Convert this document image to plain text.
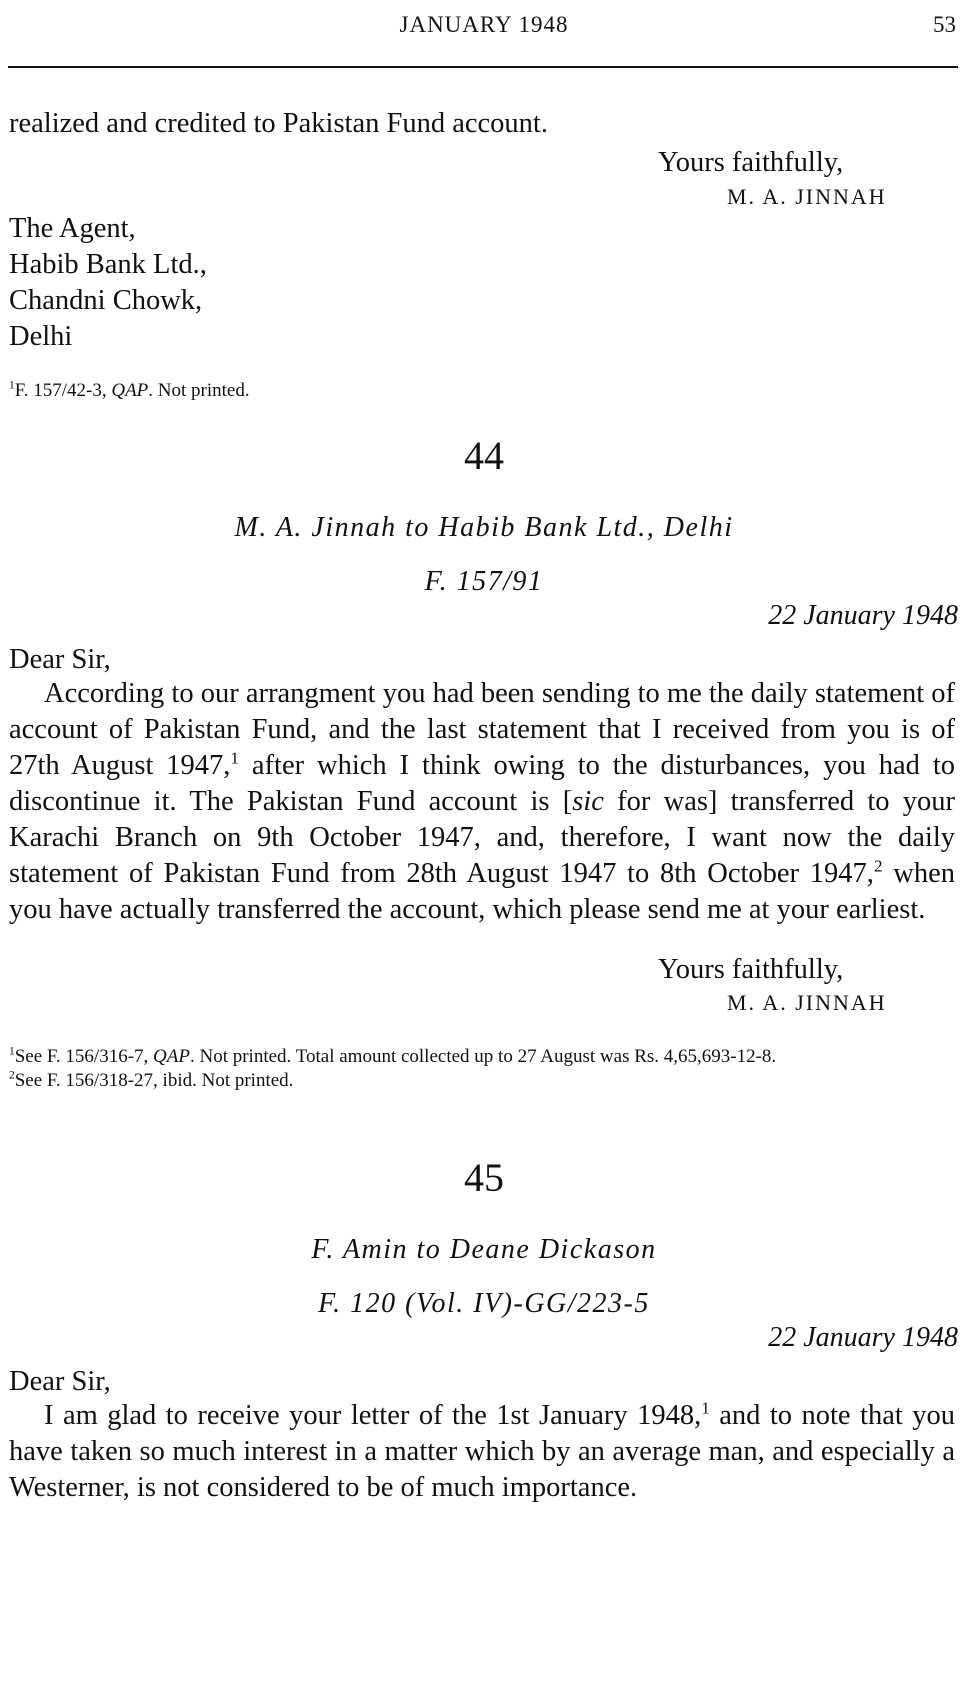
JANUARY 1948	53
realized and credited to Pakistan Fund account.
Yours faithfully,
M. A. JINNAH
The Agent,
Habib Bank Ltd.,
Chandni Chowk,
Delhi
$^1$F. 157/42-3, QAP. Not printed.
44
M. A. Jinnah to Habib Bank Ltd., Delhi
F. 157/91
22 January 1948
Dear Sir,

According to our arrangment you had been sending to me the daily statement of account of Pakistan Fund, and the last statement that I received from you is of 27th August 1947,$^1$ after which I think owing to the disturbances, you had to discontinue it. The Pakistan Fund account is [sic for was] transferred to your Karachi Branch on 9th October 1947, and, therefore, I want now the daily statement of Pakistan Fund from 28th August 1947 to 8th October 1947,$^2$ when you have actually transferred the account, which please send me at your earliest.

Yours faithfully,
M. A. JINNAH
$^1$See F. 156/316-7, QAP. Not printed. Total amount collected up to 27 August was Rs. 4,65,693-12-8.
$^2$See F. 156/318-27, ibid. Not printed.
45
F. Amin to Deane Dickason
F. 120 (Vol. IV)-GG/223-5
22 January 1948
Dear Sir,

I am glad to receive your letter of the 1st January 1948,$^1$ and to note that you have taken so much interest in a matter which by an average man, and especially a Westerner, is not considered to be of much importance.
